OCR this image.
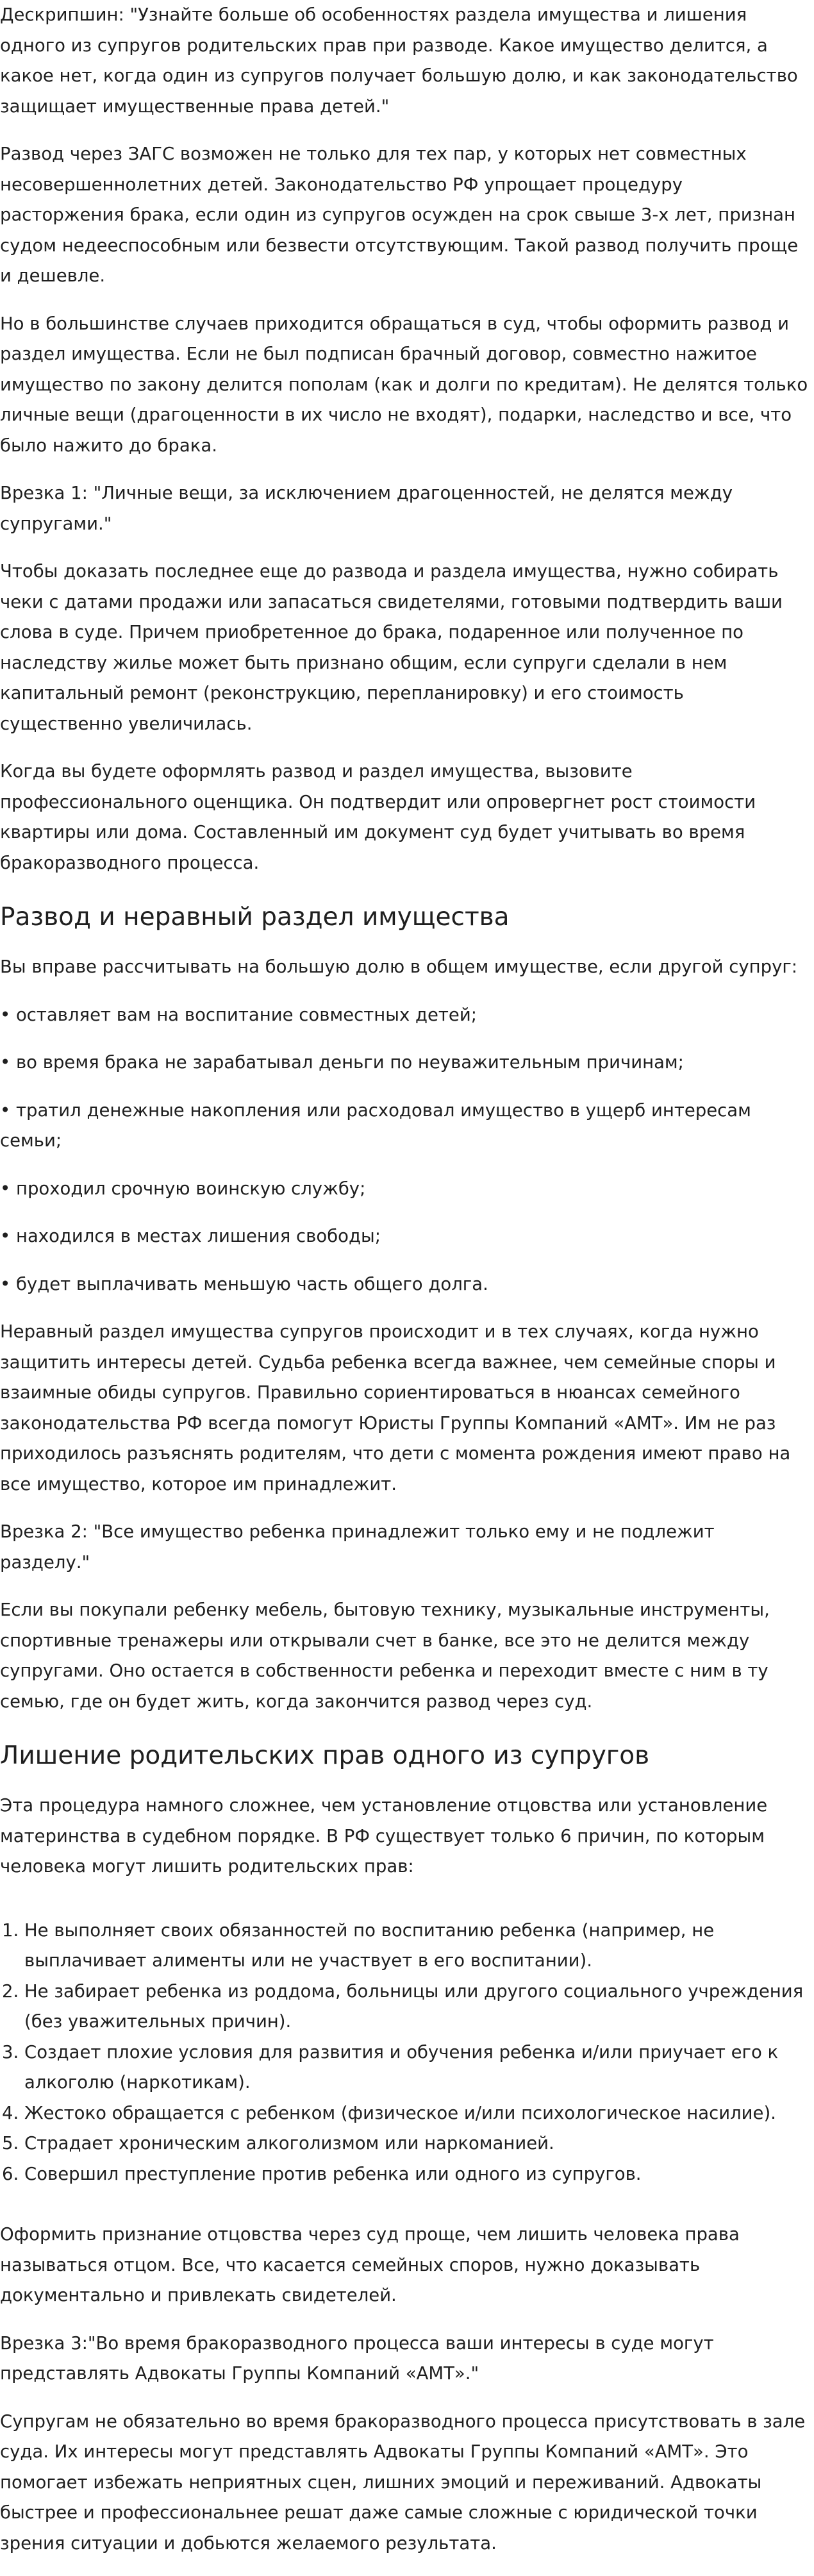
Дескрипшин: "Узнайте больше об особенностях раздела имущества и лишения одного из супругов родительских прав при разводе. Какое имущество делится, а какое нет, когда один из супругов получает большую долю, и как законодательство защищает имущественные права детей."

Развод через ЗАГС возможен не только для тех пар, у которых нет совместных несовершеннолетних детей. Законодательство РФ упрощает процедуру расторжения брака, если один из супругов осужден на срок свыше 3-х лет, признан судом недееспособным или безвести отсутствующим. Такой развод получить проще и дешевле.

Но в большинстве случаев приходится обращаться в суд, чтобы оформить развод и раздел имущества. Если не был подписан брачный договор, совместно нажитое имущество по закону делится пополам (как и долги по кредитам). Не делятся только личные вещи (драгоценности в их число не входят), подарки, наследство и все, что было нажито до брака.

Врезка 1: "Личные вещи, за исключением драгоценностей, не делятся между супругами."

Чтобы доказать последнее еще до развода и раздела имущества, нужно собирать чеки с датами продажи или запасаться свидетелями, готовыми подтвердить ваши слова в суде. Причем приобретенное до брака, подаренное или полученное по наследству жилье может быть признано общим, если супруги сделали в нем капитальный ремонт (реконструкцию, перепланировку) и его стоимость существенно увеличилась.

Когда вы будете оформлять развод и раздел имущества, вызовите профессионального оценщика. Он подтвердит или опровергнет рост стоимости квартиры или дома. Составленный им документ суд будет учитывать во время бракоразводного процесса.

Развод и неравный раздел имущества

Вы вправе рассчитывать на большую долю в общем имуществе, если другой супруг:

• оставляет вам на воспитание совместных детей;

• во время брака не зарабатывал деньги по неуважительным причинам;

• тратил денежные накопления или расходовал имущество в ущерб интересам семьи;

• проходил срочную воинскую службу;

• находился в местах лишения свободы;

• будет выплачивать меньшую часть общего долга.

Неравный раздел имущества супругов происходит и в тех случаях, когда нужно защитить интересы детей. Судьба ребенка всегда важнее, чем семейные споры и взаимные обиды супругов. Правильно сориентироваться в нюансах семейного законодательства РФ всегда помогут Юристы Группы Компаний «АМТ». Им не раз приходилось разъяснять родителям, что дети с момента рождения имеют право на все имущество, которое им принадлежит.

Врезка 2: "Все имущество ребенка принадлежит только ему и не подлежит разделу."

Если вы покупали ребенку мебель, бытовую технику, музыкальные инструменты, спортивные тренажеры или открывали счет в банке, все это не делится между супругами. Оно остается в собственности ребенка и переходит вместе с ним в ту семью, где он будет жить, когда закончится развод через суд.

Лишение родительских прав одного из супругов

Эта процедура намного сложнее, чем установление отцовства или установление материнства в судебном порядке. В РФ существует только 6 причин, по которым человека могут лишить родительских прав:

1. Не выполняет своих обязанностей по воспитанию ребенка (например, не выплачивает алименты или не участвует в его воспитании).
2. Не забирает ребенка из роддома, больницы или другого социального учреждения (без уважительных причин).
3. Создает плохие условия для развития и обучения ребенка и/или приучает его к алкоголю (наркотикам).
4. Жестоко обращается с ребенком (физическое и/или психологическое насилие).
5. Страдает хроническим алкоголизмом или наркоманией.
6. Совершил преступление против ребенка или одного из супругов.

Оформить признание отцовства через суд проще, чем лишить человека права называться отцом. Все, что касается семейных споров, нужно доказывать документально и привлекать свидетелей.

Врезка 3:"Во время бракоразводного процесса ваши интересы в суде могут представлять Адвокаты Группы Компаний «АМТ»."

Супругам не обязательно во время бракоразводного процесса присутствовать в зале суда. Их интересы могут представлять Адвокаты Группы Компаний «АМТ». Это помогает избежать неприятных сцен, лишних эмоций и переживаний. Адвокаты быстрее и профессиональнее решат даже самые сложные с юридической точки зрения ситуации и добьются желаемого результата.
